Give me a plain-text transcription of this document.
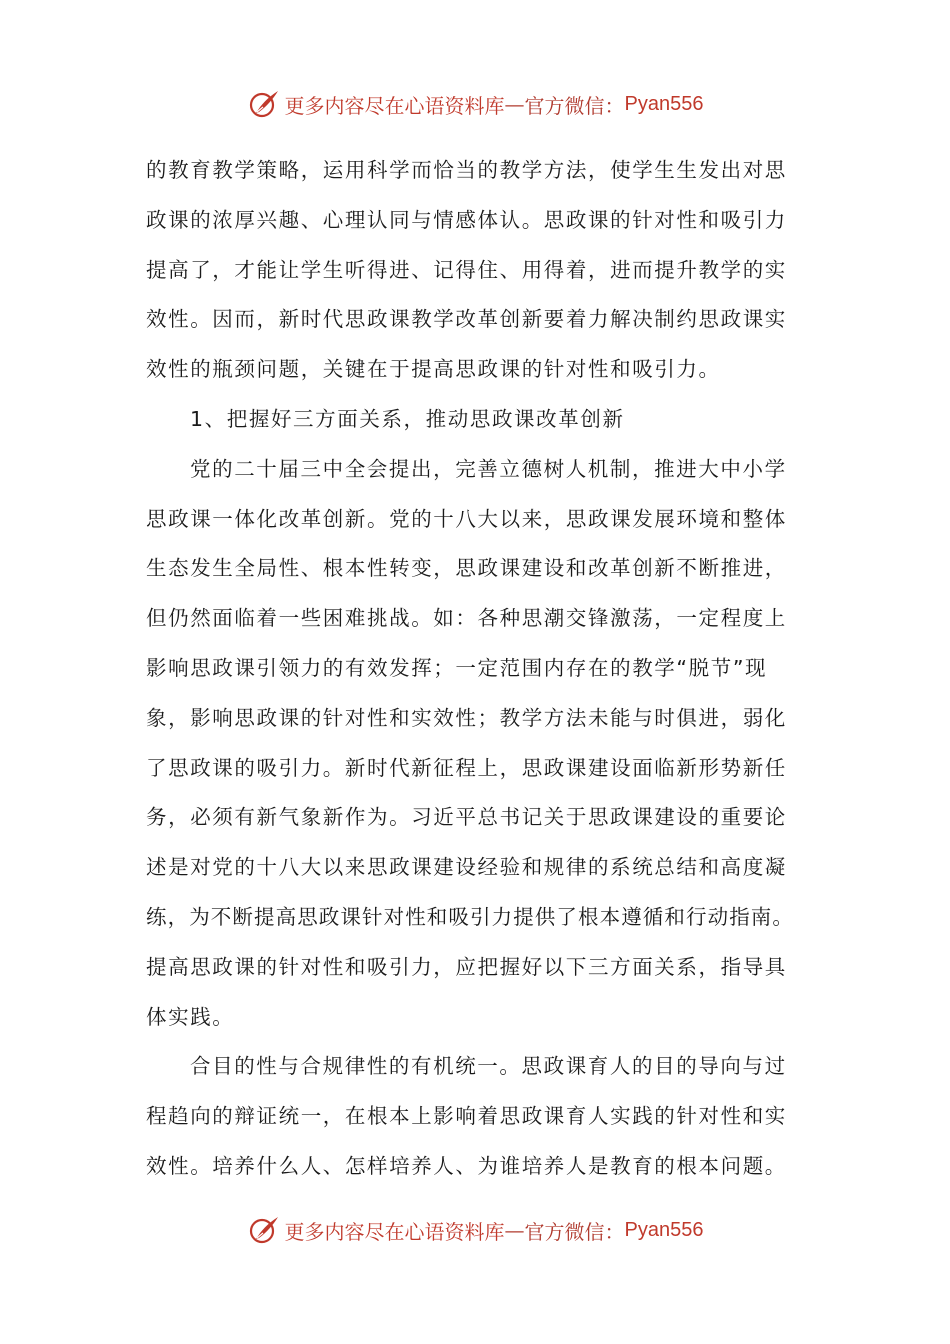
更多内容尽在心语资料库 — 官方微信： Pyan556
的教育教学策略，运用科学而恰当的教学方法，使学生生发出对思
政课的浓厚兴趣、心理认同与情感体认。思政课的针对性和吸引力
提高了，才能让学生听得进、记得住、用得着，进而提升教学的实
效性。因而，新时代思政课教学改革创新要着力解决制约思政课实
效性的瓶颈问题，关键在于提高思政课的针对性和吸引力。
1、把握好三方面关系，推动思政课改革创新
党的二十届三中全会提出，完善立德树人机制，推进大中小学
思政课一体化改革创新。党的十八大以来，思政课发展环境和整体
生态发生全局性、根本性转变，思政课建设和改革创新不断推进，
但仍然面临着一些困难挑战。如：各种思潮交锋激荡，一定程度上
影响思政课引领力的有效发挥；一定范围内存在的教学“脱节”现
象，影响思政课的针对性和实效性；教学方法未能与时俱进，弱化
了思政课的吸引力。新时代新征程上，思政课建设面临新形势新任
务，必须有新气象新作为。习近平总书记关于思政课建设的重要论
述是对党的十八大以来思政课建设经验和规律的系统总结和高度凝
练，为不断提高思政课针对性和吸引力提供了根本遵循和行动指南。
提高思政课的针对性和吸引力，应把握好以下三方面关系，指导具
体实践。
合目的性与合规律性的有机统一。思政课育人的目的导向与过
程趋向的辩证统一，在根本上影响着思政课育人实践的针对性和实
效性。培养什么人、怎样培养人、为谁培养人是教育的根本问题。
更多内容尽在心语资料库 — 官方微信： Pyan556
